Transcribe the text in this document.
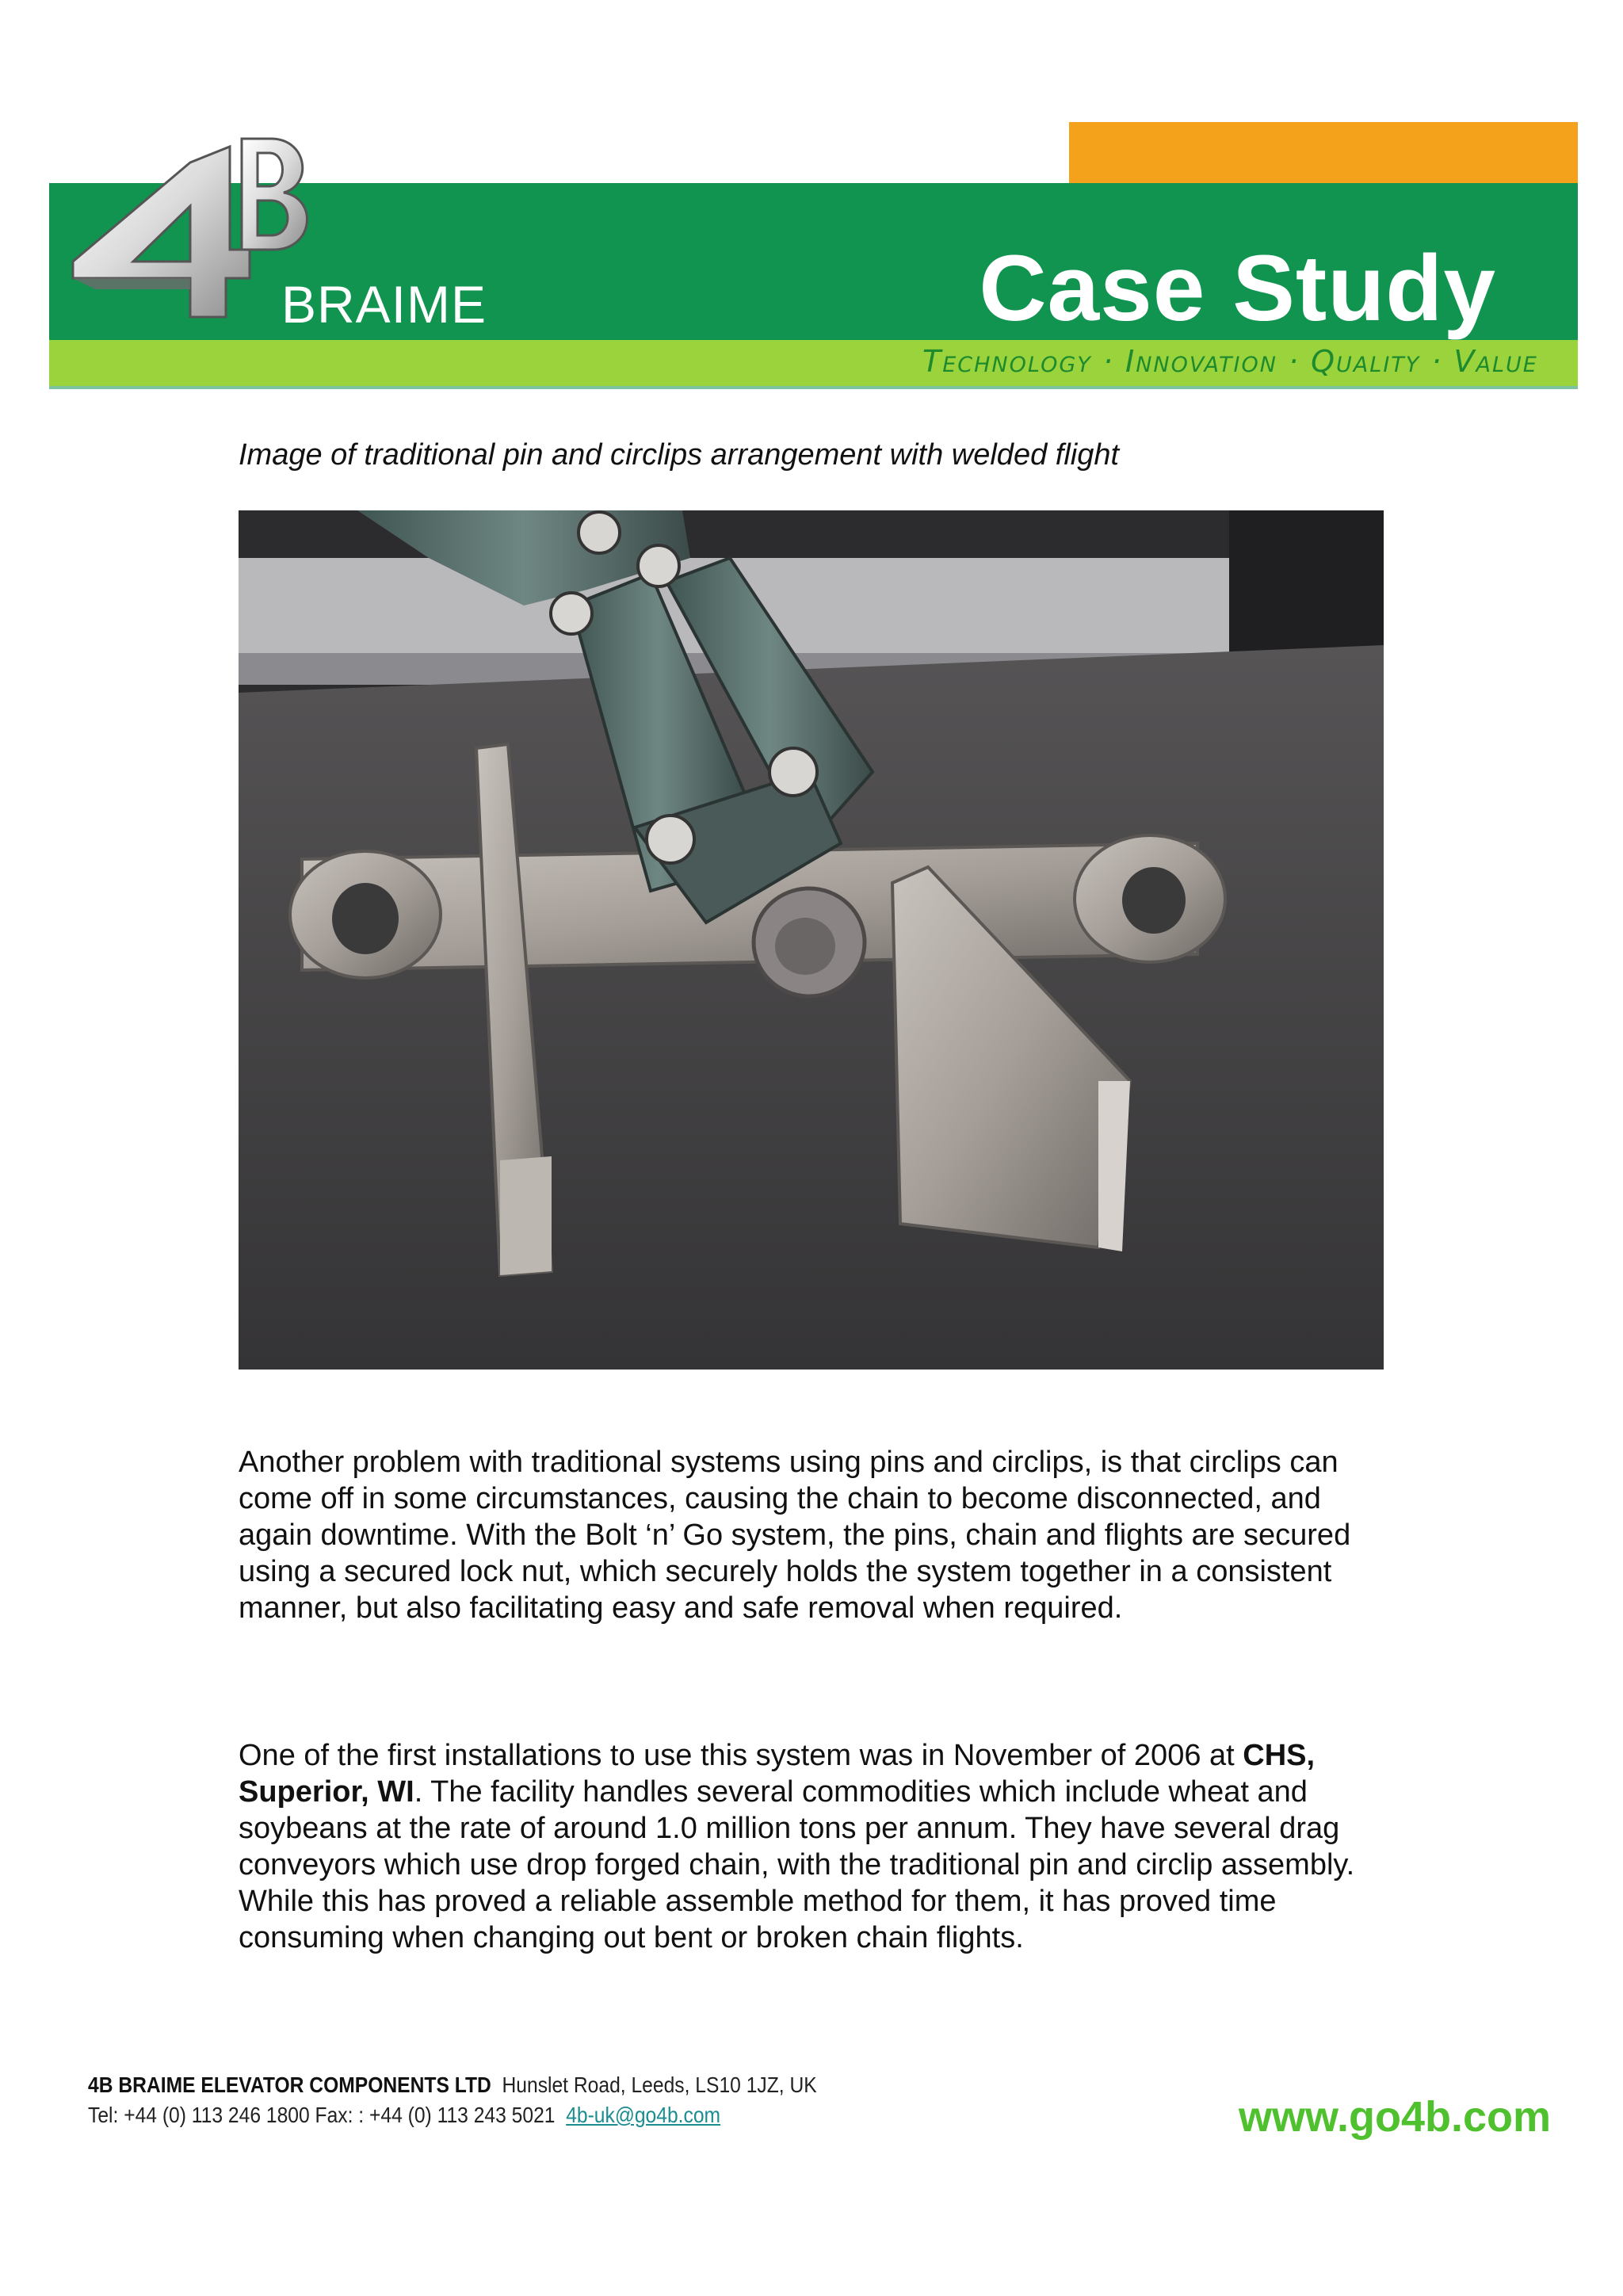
BRAIME	Case Study
Technology · Innovation · Quality · Value
Image of traditional pin and circlips arrangement with welded flight

Another problem with traditional systems using pins and circlips, is that circlips can come off in some circumstances, causing the chain to become disconnected, and again downtime. With the Bolt ‘n’ Go system, the pins, chain and flights are secured using a secured lock nut, which securely holds the system together in a consistent manner, but also facilitating easy and safe removal when required.

One of the first installations to use this system was in November of 2006 at CHS, Superior, WI. The facility handles several commodities which include wheat and soybeans at the rate of around 1.0 million tons per annum. They have several drag conveyors which use drop forged chain, with the traditional pin and circlip assembly. While this has proved a reliable assemble method for them, it has proved time consuming when changing out bent or broken chain flights.

4B BRAIME ELEVATOR COMPONENTS LTD Hunslet Road, Leeds, LS10 1JZ, UK
Tel: +44 (0) 113 246 1800 Fax: : +44 (0) 113 243 5021 4b-uk@go4b.com	www.go4b.com
